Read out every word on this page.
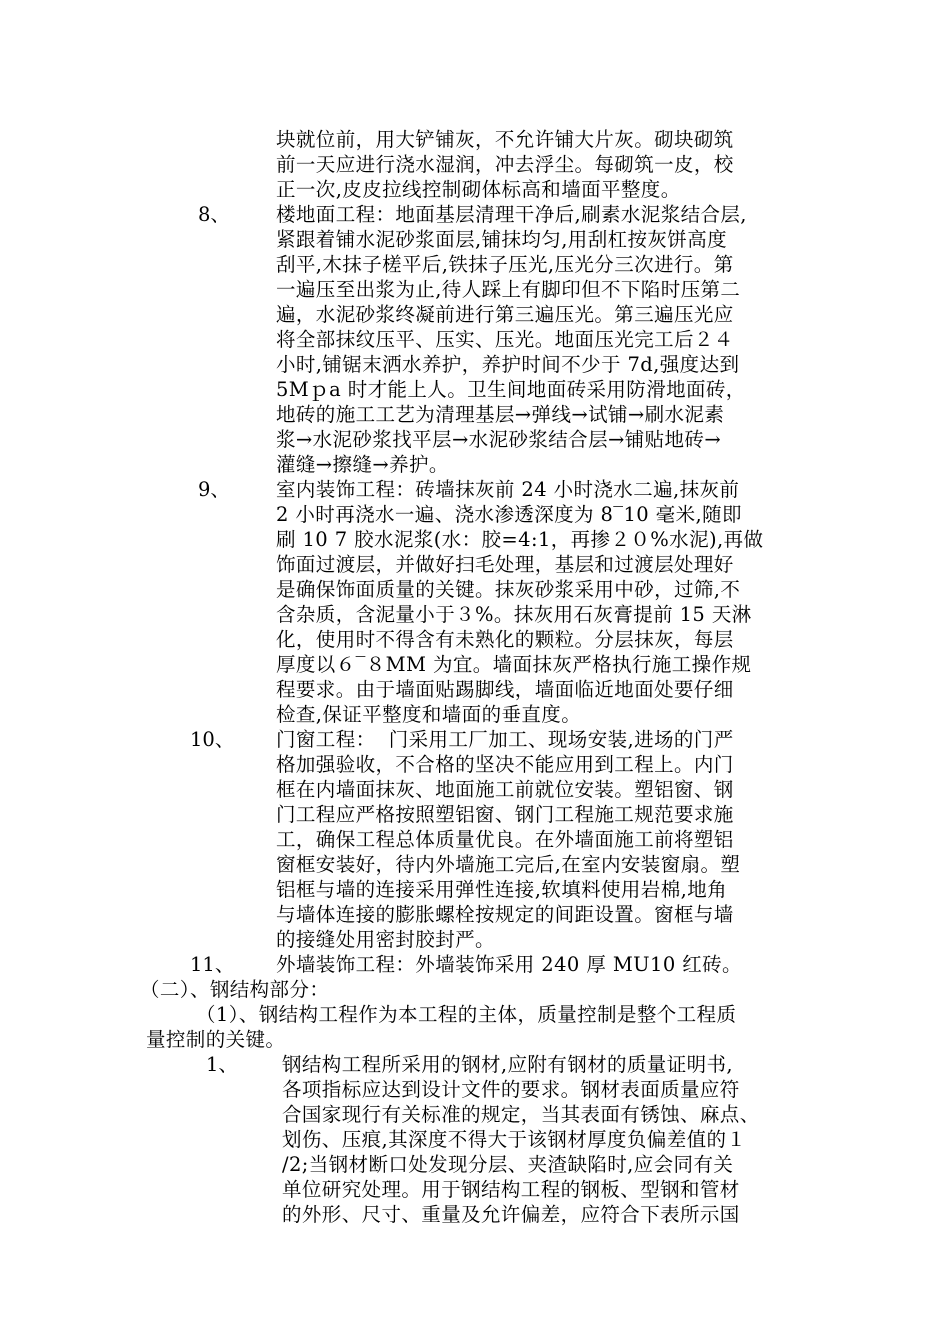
块就位前，用大铲铺灰，不允许铺大片灰。砌块砌筑
前一天应进行浇水湿润，冲去浮尘。每砌筑一皮，校
正一次,皮皮拉线控制砌体标高和墙面平整度。
8、 楼地面工程：地面基层清理干净后,刷素水泥浆结合层,
紧跟着铺水泥砂浆面层,铺抹均匀,用刮杠按灰饼高度
刮平,木抹子槎平后,铁抹子压光,压光分三次进行。第
一遍压至出浆为止,待人踩上有脚印但不下陷时压第二
遍，水泥砂浆终凝前进行第三遍压光。第三遍压光应
将全部抹纹压平、压实、压光。地面压光完工后２４
小时,铺锯末洒水养护，养护时间不少于 7d,强度达到
5Mｐa 时才能上人。卫生间地面砖采用防滑地面砖，
地砖的施工工艺为清理基层→弹线→试铺→刷水泥素
浆→水泥砂浆找平层→水泥砂浆结合层→铺贴地砖→
灌缝→擦缝→养护。
9、 室内装饰工程：砖墙抹灰前 24 小时浇水二遍,抹灰前
2 小时再浇水一遍、浇水渗透深度为 8‾10 毫米,随即
刷 10 7 胶水泥浆(水：胶=4:1，再掺２０%水泥),再做
饰面过渡层，并做好扫毛处理，基层和过渡层处理好
是确保饰面质量的关键。抹灰砂浆采用中砂，过筛,不
含杂质，含泥量小于３%。抹灰用石灰膏提前 15 天淋
化，使用时不得含有未熟化的颗粒。分层抹灰，每层
厚度以６‾８MM 为宜。墙面抹灰严格执行施工操作规
程要求。由于墙面贴踢脚线，墙面临近地面处要仔细
检查,保证平整度和墙面的垂直度。
10、 门窗工程：  门采用工厂加工、现场安装,进场的门严
格加强验收，不合格的坚决不能应用到工程上。内门
框在内墙面抹灰、地面施工前就位安装。塑铝窗、钢
门工程应严格按照塑铝窗、钢门工程施工规范要求施
工，确保工程总体质量优良。在外墙面施工前将塑铝
窗框安装好，待内外墙施工完后,在室内安装窗扇。塑
铝框与墙的连接采用弹性连接,软填料使用岩棉,地角
与墙体连接的膨胀螺栓按规定的间距设置。窗框与墙
的接缝处用密封胶封严。
11、 外墙装饰工程：外墙装饰采用 240 厚 MU10 红砖。
（二）、钢结构部分：
（1）、钢结构工程作为本工程的主体，质量控制是整个工程质
量控制的关键。
1、 钢结构工程所采用的钢材,应附有钢材的质量证明书,
各项指标应达到设计文件的要求。钢材表面质量应符
合国家现行有关标准的规定，当其表面有锈蚀、麻点、
划伤、压痕,其深度不得大于该钢材厚度负偏差值的１
/2;当钢材断口处发现分层、夹渣缺陷时,应会同有关
单位研究处理。用于钢结构工程的钢板、型钢和管材
的外形、尺寸、重量及允许偏差，应符合下表所示国
